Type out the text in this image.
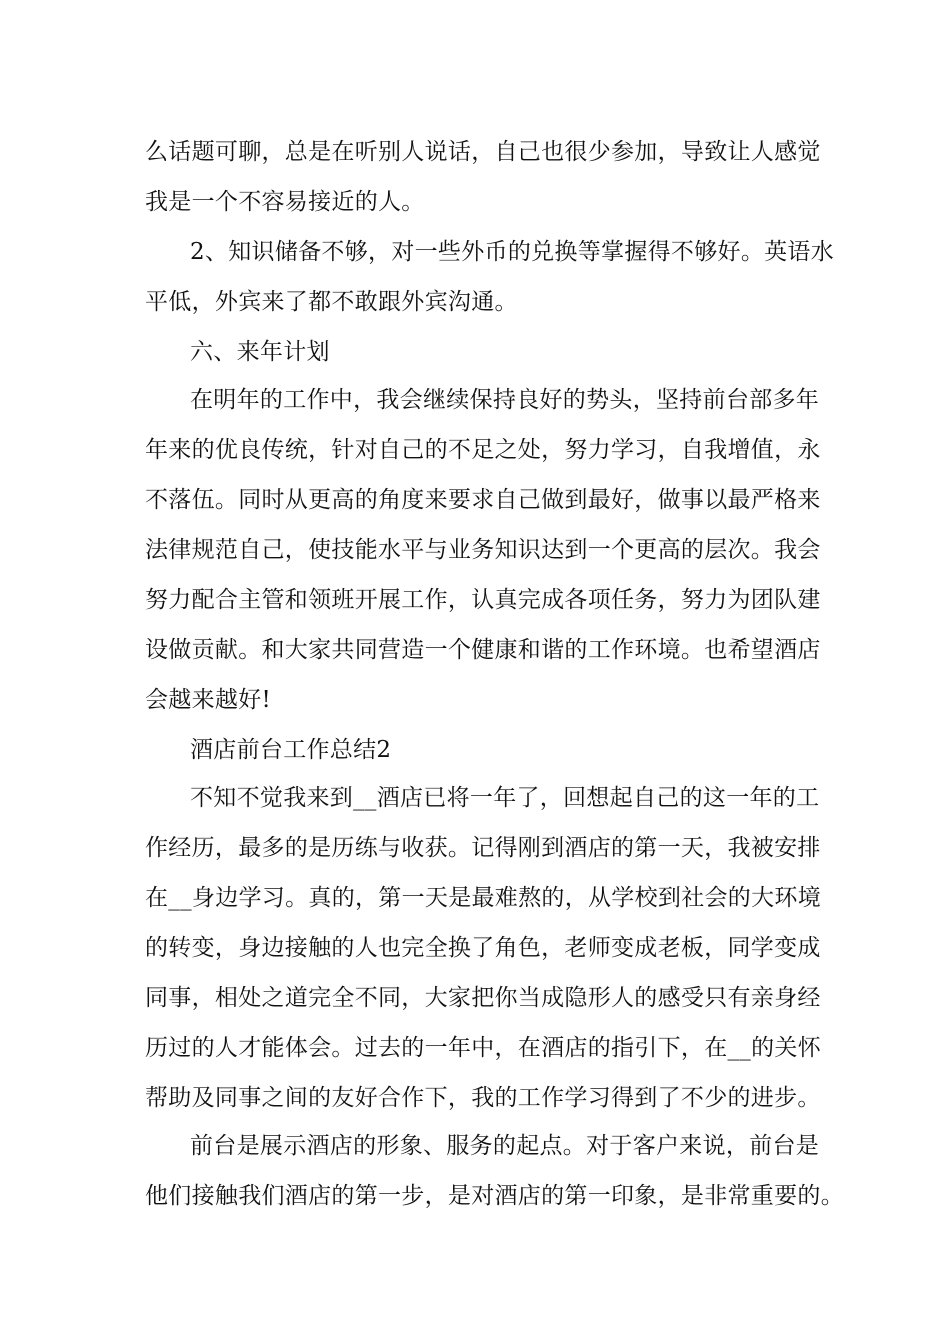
么话题可聊，总是在听别人说话，自己也很少参加，导致让人感觉
我是一个不容易接近的人。
2、知识储备不够，对一些外币的兑换等掌握得不够好。英语水
平低，外宾来了都不敢跟外宾沟通。
六、来年计划
在明年的工作中，我会继续保持良好的势头，坚持前台部多年
年来的优良传统，针对自己的不足之处，努力学习，自我增值，永
不落伍。同时从更高的角度来要求自己做到最好，做事以最严格来
法律规范自己，使技能水平与业务知识达到一个更高的层次。我会
努力配合主管和领班开展工作，认真完成各项任务，努力为团队建
设做贡献。和大家共同营造一个健康和谐的工作环境。也希望酒店
会越来越好!
酒店前台工作总结2
不知不觉我来到__酒店已将一年了，回想起自己的这一年的工
作经历，最多的是历练与收获。记得刚到酒店的第一天，我被安排
在__身边学习。真的，第一天是最难熬的，从学校到社会的大环境
的转变，身边接触的人也完全换了角色，老师变成老板，同学变成
同事，相处之道完全不同，大家把你当成隐形人的感受只有亲身经
历过的人才能体会。过去的一年中，在酒店的指引下，在__的关怀
帮助及同事之间的友好合作下，我的工作学习得到了不少的进步。
前台是展示酒店的形象、服务的起点。对于客户来说，前台是
他们接触我们酒店的第一步，是对酒店的第一印象，是非常重要的。
